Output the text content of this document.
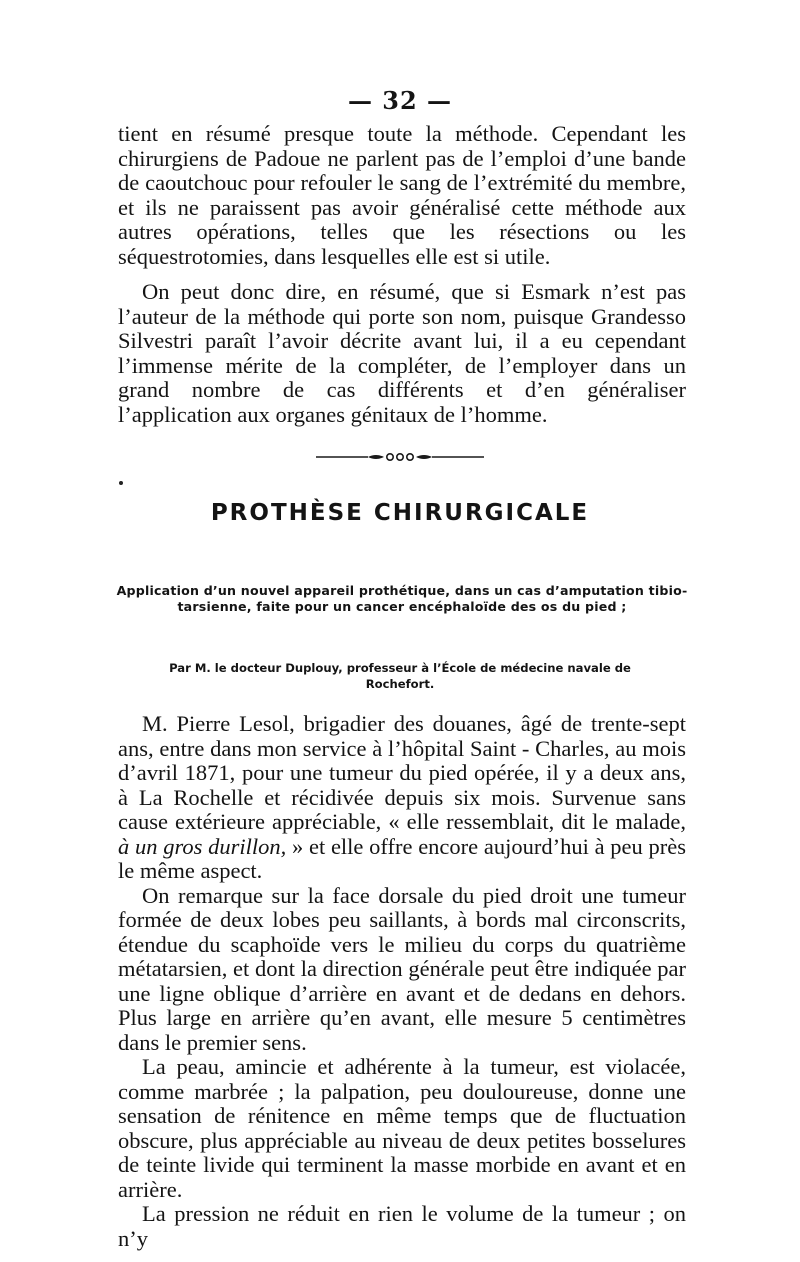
— 32 —

tient en résumé presque toute la méthode. Cependant les chirurgiens de Padoue ne parlent pas de l’emploi d’une bande de caoutchouc pour refouler le sang de l’extrémité du membre, et ils ne paraissent pas avoir généralisé cette méthode aux autres opérations, telles que les résections ou les séquestrotomies, dans lesquelles elle est si utile.

On peut donc dire, en résumé, que si Esmark n’est pas l’auteur de la méthode qui porte son nom, puisque Grandesso Silvestri paraît l’avoir décrite avant lui, il a eu cependant l’immense mérite de la compléter, de l’employer dans un grand nombre de cas différents et d’en généraliser l’application aux organes génitaux de l’homme.

PROTHÈSE CHIRURGICALE
Application d’un nouvel appareil prothétique, dans un cas d’amputation tibio-tarsienne, faite pour un cancer encéphaloïde des os du pied ;
Par M. le docteur Duplouy, professeur à l’École de médecine navale de Rochefort.

M. Pierre Lesol, brigadier des douanes, âgé de trente-sept ans, entre dans mon service à l’hôpital Saint - Charles, au mois d’avril 1871, pour une tumeur du pied opérée, il y a deux ans, à La Rochelle et récidivée depuis six mois. Survenue sans cause extérieure appréciable, « elle ressemblait, dit le malade, à un gros durillon, » et elle offre encore aujourd’hui à peu près le même aspect.

On remarque sur la face dorsale du pied droit une tumeur formée de deux lobes peu saillants, à bords mal circonscrits, étendue du scaphoïde vers le milieu du corps du quatrième métatarsien, et dont la direction générale peut être indiquée par une ligne oblique d’arrière en avant et de dedans en dehors. Plus large en arrière qu’en avant, elle mesure 5 centimètres dans le premier sens.

La peau, amincie et adhérente à la tumeur, est violacée, comme marbrée ; la palpation, peu douloureuse, donne une sensation de rénitence en même temps que de fluctuation obscure, plus appréciable au niveau de deux petites bosselures de teinte livide qui terminent la masse morbide en avant et en arrière.

La pression ne réduit en rien le volume de la tumeur ; on n’y
